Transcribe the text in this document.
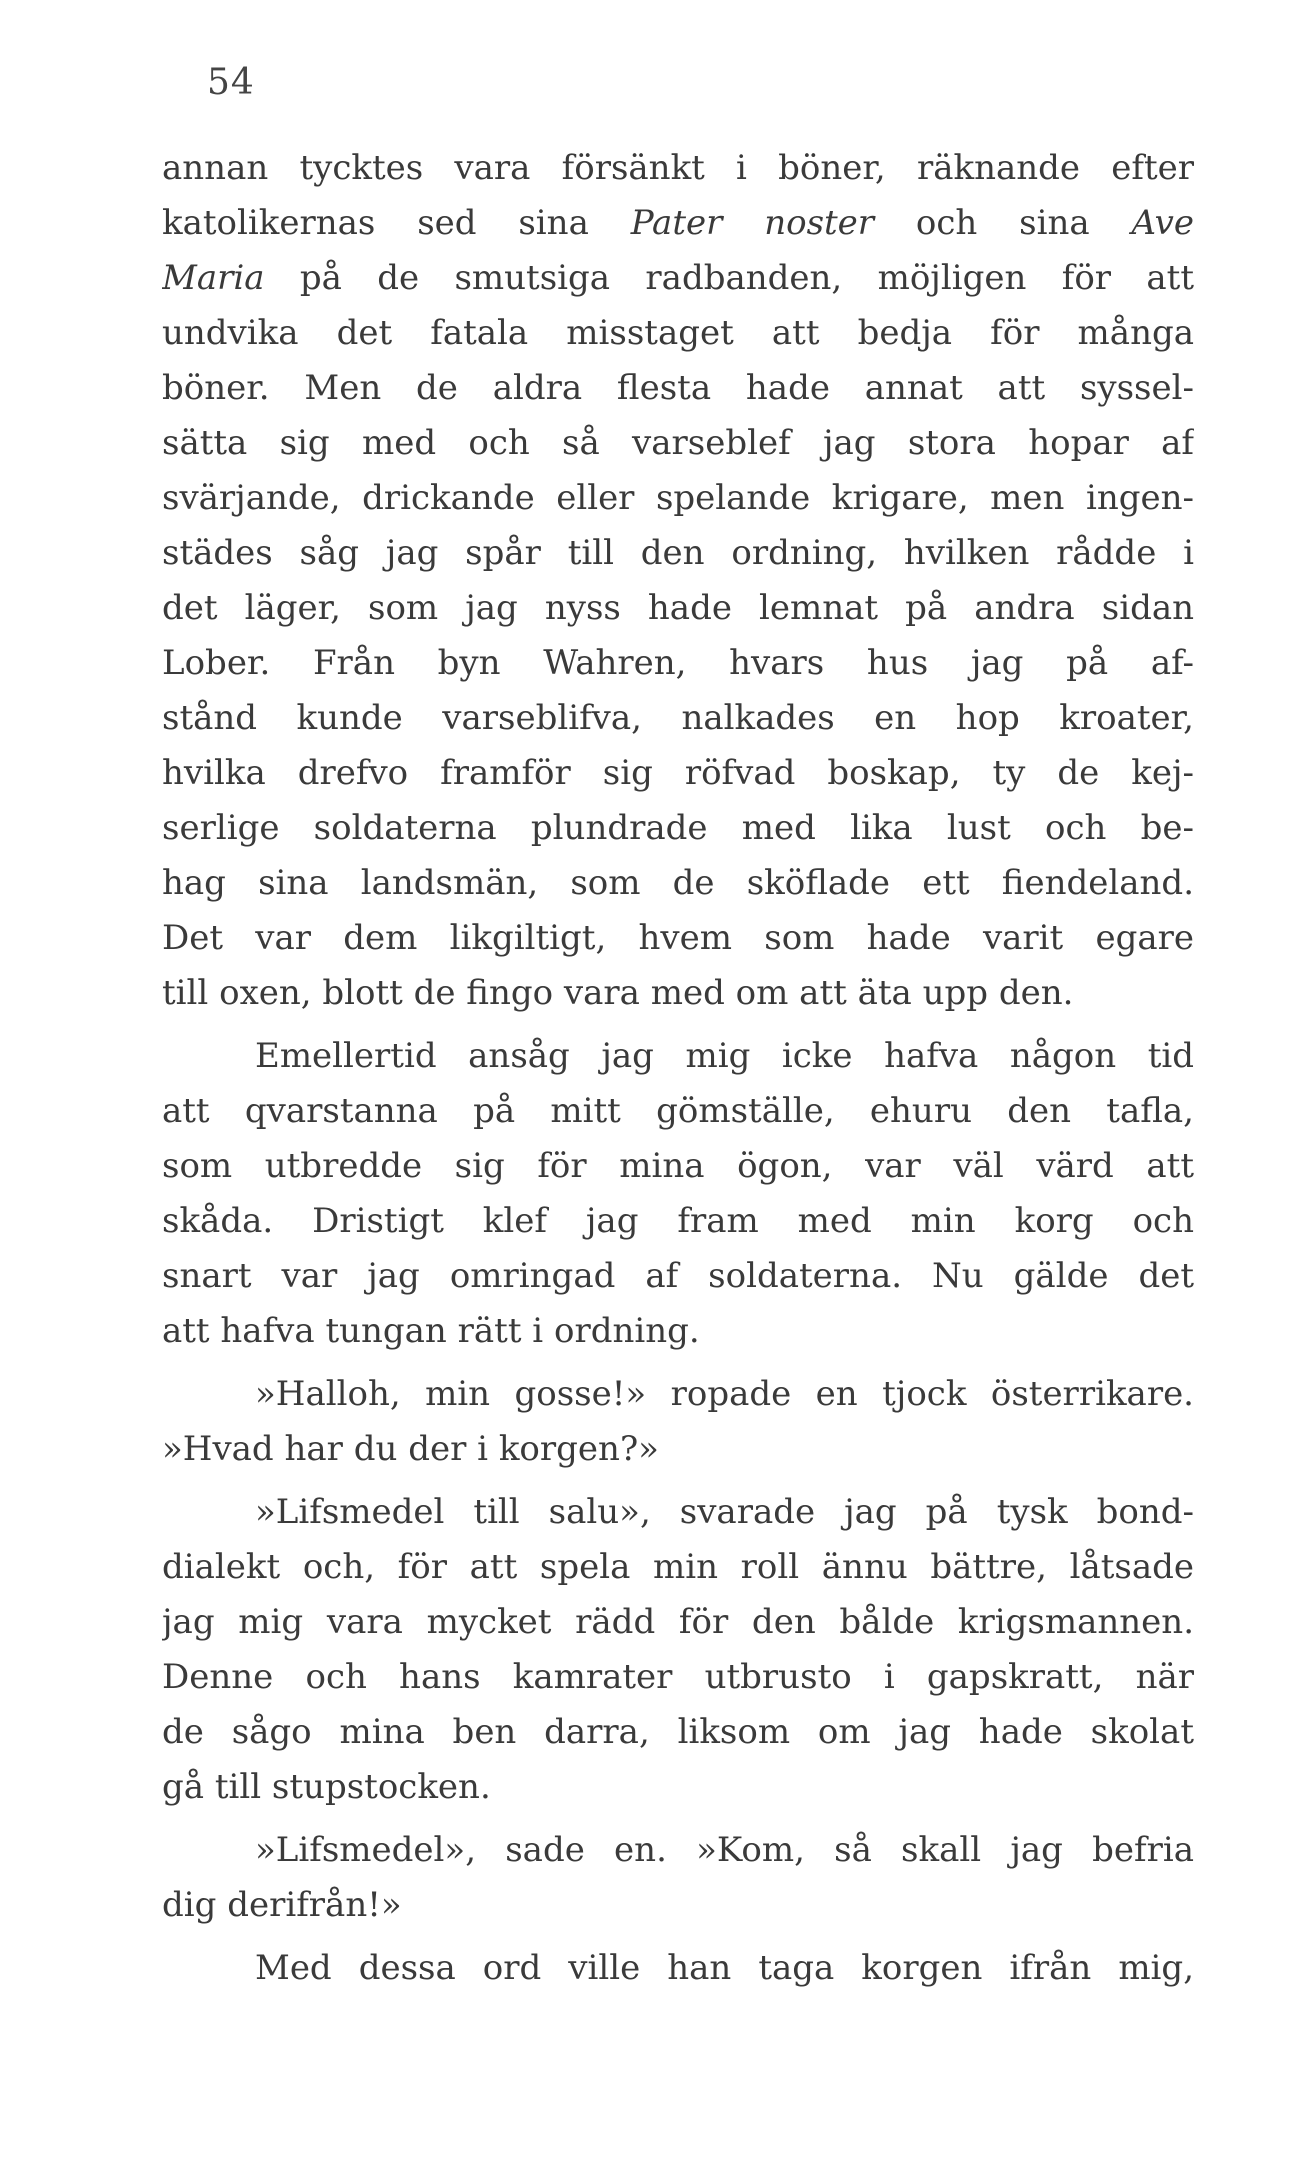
54
annan tycktes vara försänkt i böner, räknande efter
katolikernas sed sina Pater noster och sina Ave
Maria på de smutsiga radbanden, möjligen för att
undvika det fatala misstaget att bedja för många
böner. Men de aldra flesta hade annat att syssel-
sätta sig med och så varseblef jag stora hopar af
svärjande, drickande eller spelande krigare, men ingen-
städes såg jag spår till den ordning, hvilken rådde i
det läger, som jag nyss hade lemnat på andra sidan
Lober. Från byn Wahren, hvars hus jag på af-
stånd kunde varseblifva, nalkades en hop kroater,
hvilka drefvo framför sig röfvad boskap, ty de kej-
serlige soldaterna plundrade med lika lust och be-
hag sina landsmän, som de sköflade ett fiendeland.
Det var dem likgiltigt, hvem som hade varit egare
till oxen, blott de fingo vara med om att äta upp den.
Emellertid ansåg jag mig icke hafva någon tid
att qvarstanna på mitt gömställe, ehuru den tafla,
som utbredde sig för mina ögon, var väl värd att
skåda. Dristigt klef jag fram med min korg och
snart var jag omringad af soldaterna. Nu gälde det
att hafva tungan rätt i ordning.
»Halloh, min gosse!» ropade en tjock österrikare.
»Hvad har du der i korgen?»
»Lifsmedel till salu», svarade jag på tysk bond-
dialekt och, för att spela min roll ännu bättre, låtsade
jag mig vara mycket rädd för den bålde krigsmannen.
Denne och hans kamrater utbrusto i gapskratt, när
de sågo mina ben darra, liksom om jag hade skolat
gå till stupstocken.
»Lifsmedel», sade en. »Kom, så skall jag befria
dig derifrån!»
Med dessa ord ville han taga korgen ifrån mig,
